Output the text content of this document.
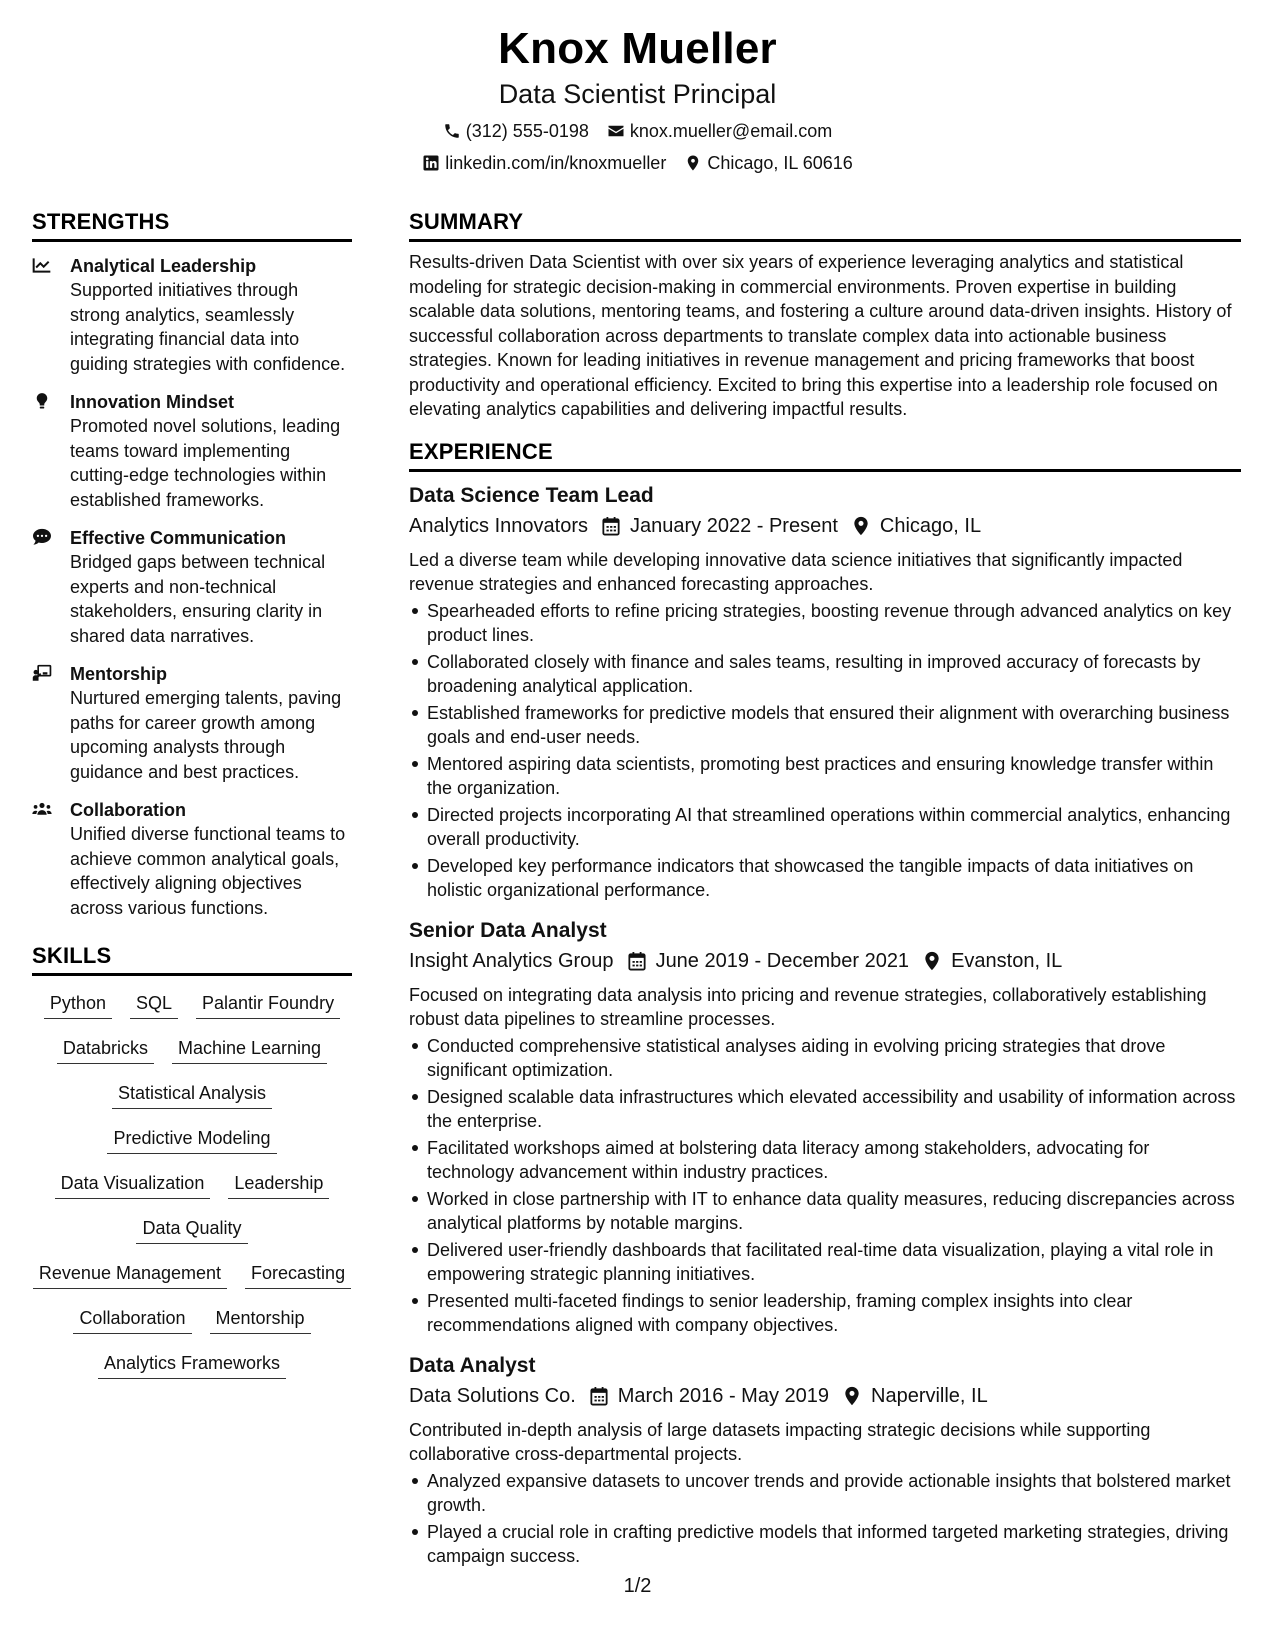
Knox Mueller
Data Scientist Principal
(312) 555-0198 knox.mueller@email.com
linkedin.com/in/knoxmueller Chicago, IL 60616
STRENGTHS
Analytical Leadership
Supported initiatives through strong analytics, seamlessly integrating financial data into guiding strategies with confidence.
Innovation Mindset
Promoted novel solutions, leading teams toward implementing cutting-edge technologies within established frameworks.
Effective Communication
Bridged gaps between technical experts and non-technical stakeholders, ensuring clarity in shared data narratives.
Mentorship
Nurtured emerging talents, paving paths for career growth among upcoming analysts through guidance and best practices.
Collaboration
Unified diverse functional teams to achieve common analytical goals, effectively aligning objectives across various functions.
SKILLS
Python	SQL	Palantir Foundry
Databricks	Machine Learning
Statistical Analysis
Predictive Modeling
Data Visualization	Leadership
Data Quality
Revenue Management	Forecasting
Collaboration	Mentorship
Analytics Frameworks
SUMMARY

Results-driven Data Scientist with over six years of experience leveraging analytics and statistical modeling for strategic decision-making in commercial environments. Proven expertise in building scalable data solutions, mentoring teams, and fostering a culture around data-driven insights. History of successful collaboration across departments to translate complex data into actionable business strategies. Known for leading initiatives in revenue management and pricing frameworks that boost productivity and operational efficiency. Excited to bring this expertise into a leadership role focused on elevating analytics capabilities and delivering impactful results.

EXPERIENCE
Data Science Team Lead
Analytics Innovators January 2022 - Present Chicago, IL

Led a diverse team while developing innovative data science initiatives that significantly impacted revenue strategies and enhanced forecasting approaches.

Spearheaded efforts to refine pricing strategies, boosting revenue through advanced analytics on key product lines.
Collaborated closely with finance and sales teams, resulting in improved accuracy of forecasts by broadening analytical application.
Established frameworks for predictive models that ensured their alignment with overarching business goals and end-user needs.
Mentored aspiring data scientists, promoting best practices and ensuring knowledge transfer within the organization.
Directed projects incorporating AI that streamlined operations within commercial analytics, enhancing overall productivity.
Developed key performance indicators that showcased the tangible impacts of data initiatives on holistic organizational performance.
Senior Data Analyst
Insight Analytics Group June 2019 - December 2021 Evanston, IL

Focused on integrating data analysis into pricing and revenue strategies, collaboratively establishing robust data pipelines to streamline processes.

Conducted comprehensive statistical analyses aiding in evolving pricing strategies that drove significant optimization.
Designed scalable data infrastructures which elevated accessibility and usability of information across the enterprise.
Facilitated workshops aimed at bolstering data literacy among stakeholders, advocating for technology advancement within industry practices.
Worked in close partnership with IT to enhance data quality measures, reducing discrepancies across analytical platforms by notable margins.
Delivered user-friendly dashboards that facilitated real-time data visualization, playing a vital role in empowering strategic planning initiatives.
Presented multi-faceted findings to senior leadership, framing complex insights into clear recommendations aligned with company objectives.
Data Analyst
Data Solutions Co. March 2016 - May 2019 Naperville, IL

Contributed in-depth analysis of large datasets impacting strategic decisions while supporting collaborative cross-departmental projects.

Analyzed expansive datasets to uncover trends and provide actionable insights that bolstered market growth.
Played a crucial role in crafting predictive models that informed targeted marketing strategies, driving campaign success.
1/2
